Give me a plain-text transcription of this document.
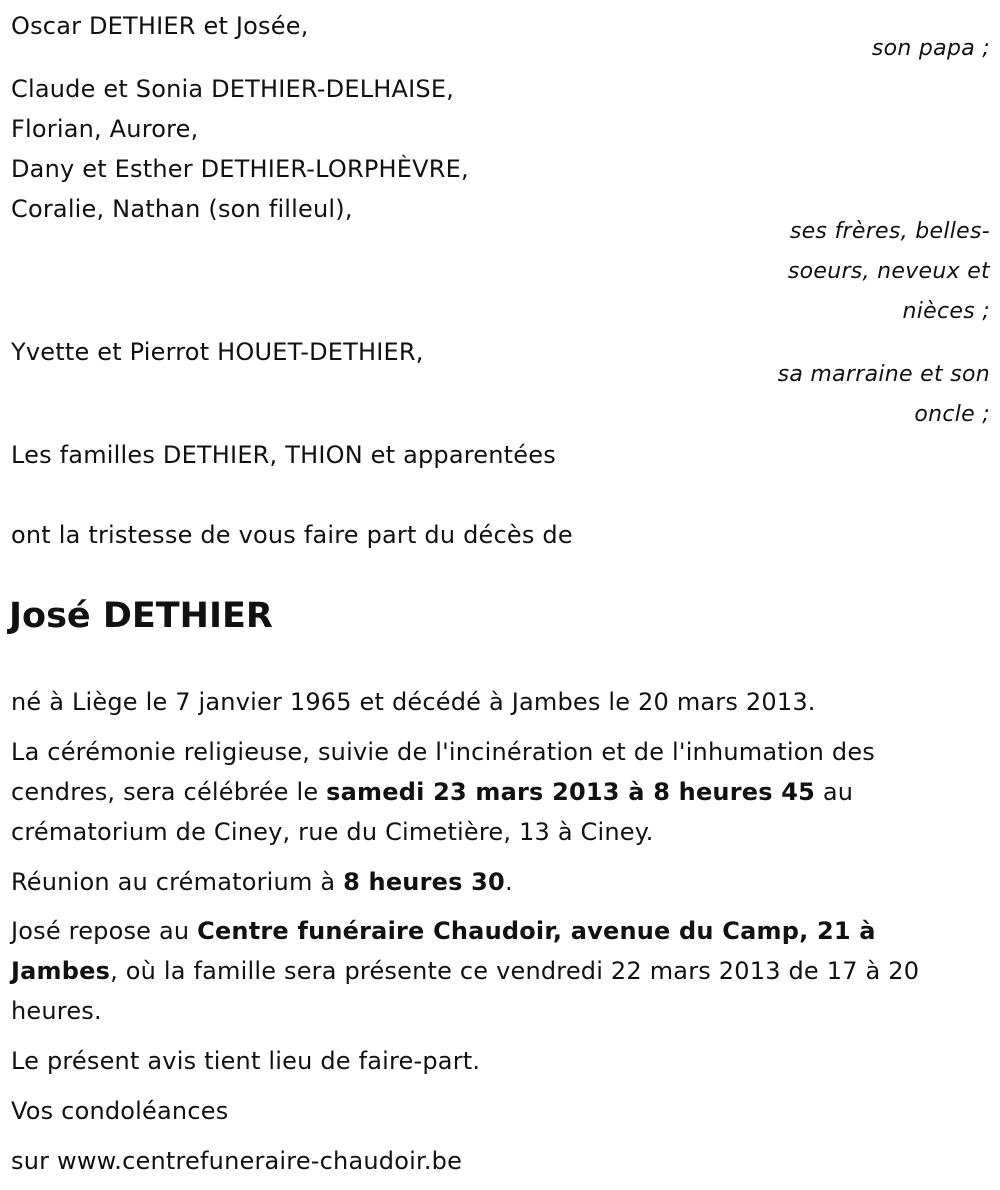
Oscar DETHIER et Josée,
son papa ;
Claude et Sonia DETHIER-DELHAISE,
Florian, Aurore,
Dany et Esther DETHIER-LORPHÈVRE,
Coralie, Nathan (son filleul),
ses frères, belles-
soeurs, neveux et
nièces ;
Yvette et Pierrot HOUET-DETHIER,
sa marraine et son
oncle ;
Les familles DETHIER, THION et apparentées
ont la tristesse de vous faire part du décès de
José DETHIER
né à Liège le 7 janvier 1965 et décédé à Jambes le 20 mars 2013.
La cérémonie religieuse, suivie de l'incinération et de l'inhumation des
cendres, sera célébrée le samedi 23 mars 2013 à 8 heures 45 au
crématorium de Ciney, rue du Cimetière, 13 à Ciney.
Réunion au crématorium à 8 heures 30.
José repose au Centre funéraire Chaudoir, avenue du Camp, 21 à
Jambes, où la famille sera présente ce vendredi 22 mars 2013 de 17 à 20
heures.
Le présent avis tient lieu de faire-part.
Vos condoléances
sur www.centrefuneraire-chaudoir.be
